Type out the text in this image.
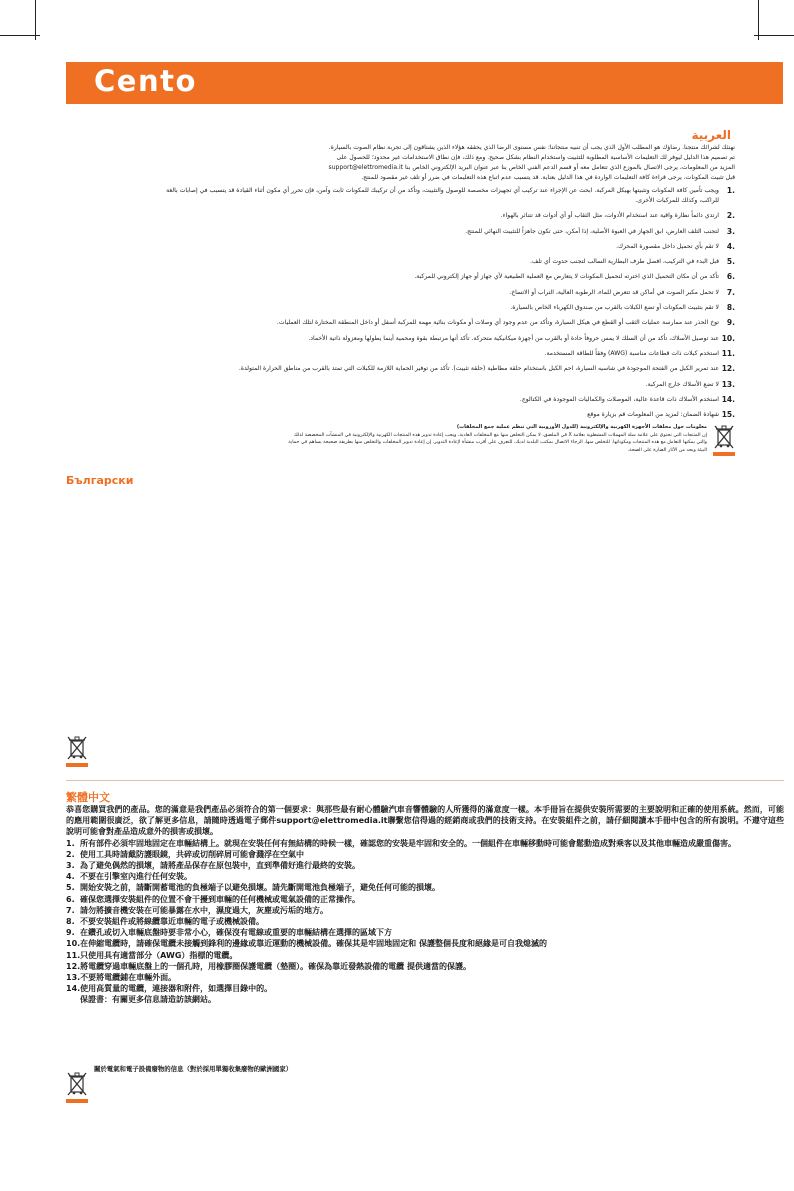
Cento
العربية

نهنئك لشرائك منتجنا. رضاؤك هو المطلب الأول الذي يجب أن تنبيه منتجاتنا: نفس مستوى الرضا الذي يحققه هؤلاء الذين يشتاقون إلى تجربة نظام الصوت بالسيارة.

تم تصميم هذا الدليل ليوفر لك التعليمات الأساسية المطلوبة للتثبيت واستخدام النظام بشكل صحيح. ومع ذلك، فإن نطاق الاستخدامات غير محدود؛ للحصول على

المزيد من المعلومات، يرجى الاتصال بالموزع الذي تتعامل معه أو قسم الدعم الفني الخاص بنا عبر عنوان البريد الإلكتروني الخاص بنا support@elettromedia.it

قبل تثبيت المكونات، يرجى قراءة كافة التعليمات الواردة في هذا الدليل بعناية. قد يتسبب عدم اتباع هذه التعليمات في ضرر أو تلف غير مقصود للمنتج.

1.
ويجب تأمين كافة المكونات وتثبيتها بهيكل المركبة. ابحث عن الإجراء عند تركيب أي تجهيزات مخصصة للوصول والتثبيت، وتأكد من أن تركيبك للمكونات ثابت وآمن، فإن تحرر أي مكون أثناء القيادة قد يتسبب في إصابات بالغة للراكب، وكذلك للمركبات الأخرى.
2.
ارتدي دائماً نظارة واقية عند استخدام الأدوات، مثل الثقاب أو أي أدوات قد تتناثر بالهواء.
3.
لتجنب التلف العارض، ابق الجهاز في العبوة الأصلية، إذا أمكن، حتى تكون جاهزاً للتثبيت النهائي للمنتج.
4.
لا تقم بأي تحميل داخل مقصورة المحرك.
5.
قبل البدء في التركيب، افصل طرف البطارية السالب لتجنب حدوث أي تلف.
6.
تأكد من أن مكان التحميل الذي اخترته لتحميل المكونات لا يتعارض مع العملية الطبيعية لأي جهاز أو جهاز إلكتروني للمركبة.
7.
لا تحمل مكبر الصوت في أماكن قد تتعرض للماء، الرطوبة العالية، التراب أو الاتساخ.
8.
لا تقم بتثبيت المكونات أو تضع الكبلات بالقرب من صندوق الكهرباء الخاص بالسيارة.
9.
توخ الحذر عند ممارسة عمليات الثقب أو القطع في هيكل السيارة، وتأكد من عدم وجود أي وصلات أو مكونات بنائية مهمة للمركبة أسفل أو داخل المنطقة المختارة لتلك العمليات.
10.
عند توصيل الأسلاك، تأكد من أن السلك لا يمس حروفاً حادة أو بالقرب من أجهزة ميكانيكية متحركة. تأكد أنها مرتبطة بقوة ومحمية أينما يطولها ومعزولة ذاتية الأخماد.
11.
استخدم كبلات ذات قطاعات مناسبة (AWG) وفقاً للطاقة المستخدمة.
12.
عند تمرير الكبل من الفتحة الموجودة في شاسيه السيارة، احم الكبل باستخدام حلقة مطاطية (حلقة تثبيت). تأكد من توفير الحماية اللازمة للكبلات التي تمتد بالقرب من مناطق الحرارة المتولدة.
13.
لا تضع الأسلاك خارج المركبة.
14.
استخدم الأسلاك ذات قاعدة عالية، الموصلات والكماليات الموجودة في الكتالوج.
15.
شهادة الضمان: لمزيد من المعلومات قم بزيارة موقع
معلومات حول مخلفات الأجهزة الكهربية والإلكترونية (للدول الأوروبية التي تنظم عملية جمع المخلفات)
إن المنتجات التي تحتوي على علامة سلة المهملات المشطوبة بعلامة X في الملصق، لا يمكن التخلص منها مع المخلفات العادية، ويجب إعادة تدوير هذه المنتجات الكهربية والإلكترونية في المنشآت المخصصة لذلك والتي يمكنها التعامل مع هذه المنتجات ومكوناتها. للتخلص منها، الرجاء الاتصال بمكتب البلدية لديك، للتعرف على أقرب منشأة لإعادة التدوير. إن إعادة تدوير المخلفات والتخلص منها بطريقة صحيحة يساهم في حماية البيئة ويحد من الآثار الضارة على الصحة.
Български
繁體中文

恭喜您購買我們的產品。您的滿意是我們產品必須符合的第一個要求：與那些最有耐心體驗汽車音響體驗的人所獲得的滿意度一樣。本手冊旨在提供安裝所需要的主要說明和正確的使用系統。然而，可能的應用範圍很廣泛，欲了解更多信息，請隨時透過電子郵件support@elettromedia.it聯繫您信得過的經銷商或我們的技術支持。在安裝組件之前，請仔細閱讀本手冊中包含的所有說明。不遵守這些說明可能會對產品造成意外的損害或損壞。

1. 所有部件必須牢固地固定在車輛結構上。就現在安裝任何有無結構的時候一樣，確認您的安裝是牢固和安全的。一個組件在車輛移動時可能會鬆動造成對乘客以及其他車輛造成嚴重傷害。
2. 使用工具時請戴防護眼鏡，共碎或切削碎屑可能會濺浮在空氣中
3. 為了避免偶然的損壞，請將產品保存在原包裝中，直到準備好進行最終的安裝。
4. 不要在引擎室內進行任何安裝。
5. 開始安裝之前，請斷開蓄電池的負極端子以避免損壞。請先斷開電池負極端子，避免任何可能的損壞。
6. 確保您選擇安裝組件的位置不會干擾到車輛的任何機械或電氣設備的正常操作。
7. 請勿將擴音機安裝在可能暴露在水中，濕度過大，灰塵或污垢的地方。
8. 不要安裝組件或將線纜靠近車輛的電子或機械設備。
9. 在鑽孔或切入車輛底盤時要非常小心，確保沒有電線或重要的車輛結構在選擇的區域下方
10. 在伸縮電纜時，請確保電纜未接觸到鋒利的邊緣或靠近運動的機械設備。確保其是牢固地固定和 保護整個長度和絕緣是可自我熄滅的
11. 只使用具有適當部分（AWG）指標的電纜。
12. 將電纜穿過車輛底盤上的一個孔時，用橡膠圈保護電纜（墊圈）。確保為靠近發熱設備的電纜 提供適當的保護。
13. 不要將電纜鋪在車輛外面。
14. 使用高質量的電纜，連接器和附件，如選擇目錄中的。

保證書：有關更多信息請造訪該網站。

關於電氣和電子設備廢物的信息（對於採用單獨收集廢物的歐洲國家）
